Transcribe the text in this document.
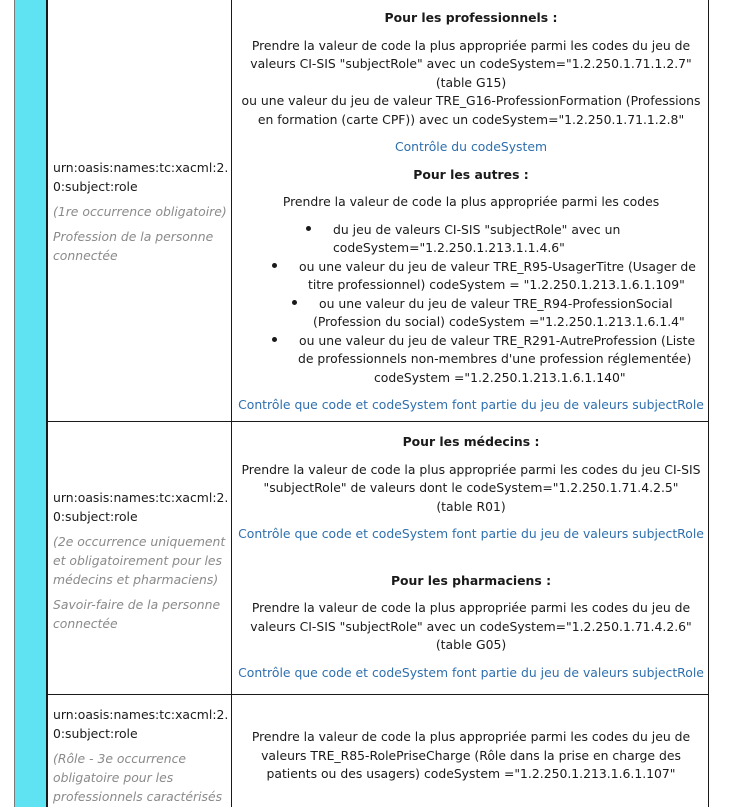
urn:oasis:names:tc:xacml:2.
0:subject:role

(1re occurrence obligatoire)

Profession de la personne
connectée

Pour les professionnels :

Prendre la valeur de code la plus appropriée parmi les codes du jeu de
valeurs CI-SIS "subjectRole" avec un codeSystem="1.2.250.1.71.1.2.7"
(table G15)
ou une valeur du jeu de valeur TRE_G16-ProfessionFormation (Professions
en formation (carte CPF)) avec un codeSystem="1.2.250.1.71.1.2.8"

Contrôle du codeSystem

Pour les autres :

Prendre la valeur de code la plus appropriée parmi les codes

du jeu de valeurs CI-SIS "subjectRole" avec un
codeSystem="1.2.250.1.213.1.1.4.6"
ou une valeur du jeu de valeur TRE_R95-UsagerTitre (Usager de
titre professionnel) codeSystem = "1.2.250.1.213.1.6.1.109"
ou une valeur du jeu de valeur TRE_R94-ProfessionSocial
(Profession du social) codeSystem ="1.2.250.1.213.1.6.1.4"
ou une valeur du jeu de valeur TRE_R291-AutreProfession (Liste
de professionnels non-membres d'une profession réglementée)
codeSystem ="1.2.250.1.213.1.6.1.140"

Contrôle que code et codeSystem font partie du jeu de valeurs subjectRole

urn:oasis:names:tc:xacml:2.
0:subject:role

(2e occurrence uniquement
et obligatoirement pour les
médecins et pharmaciens)

Savoir-faire de la personne
connectée

Pour les médecins :

Prendre la valeur de code la plus appropriée parmi les codes du jeu CI-SIS
"subjectRole" de valeurs dont le codeSystem="1.2.250.1.71.4.2.5"
(table R01)

Contrôle que code et codeSystem font partie du jeu de valeurs subjectRole

Pour les pharmaciens :

Prendre la valeur de code la plus appropriée parmi les codes du jeu de
valeurs CI-SIS "subjectRole" avec un codeSystem="1.2.250.1.71.4.2.6"
(table G05)

Contrôle que code et codeSystem font partie du jeu de valeurs subjectRole

urn:oasis:names:tc:xacml:2.
0:subject:role

(Rôle - 3e occurrence
obligatoire pour les
professionnels caractérisés

Prendre la valeur de code la plus appropriée parmi les codes du jeu de
valeurs TRE_R85-RolePriseCharge (Rôle dans la prise en charge des
patients ou des usagers) codeSystem ="1.2.250.1.213.1.6.1.107"
